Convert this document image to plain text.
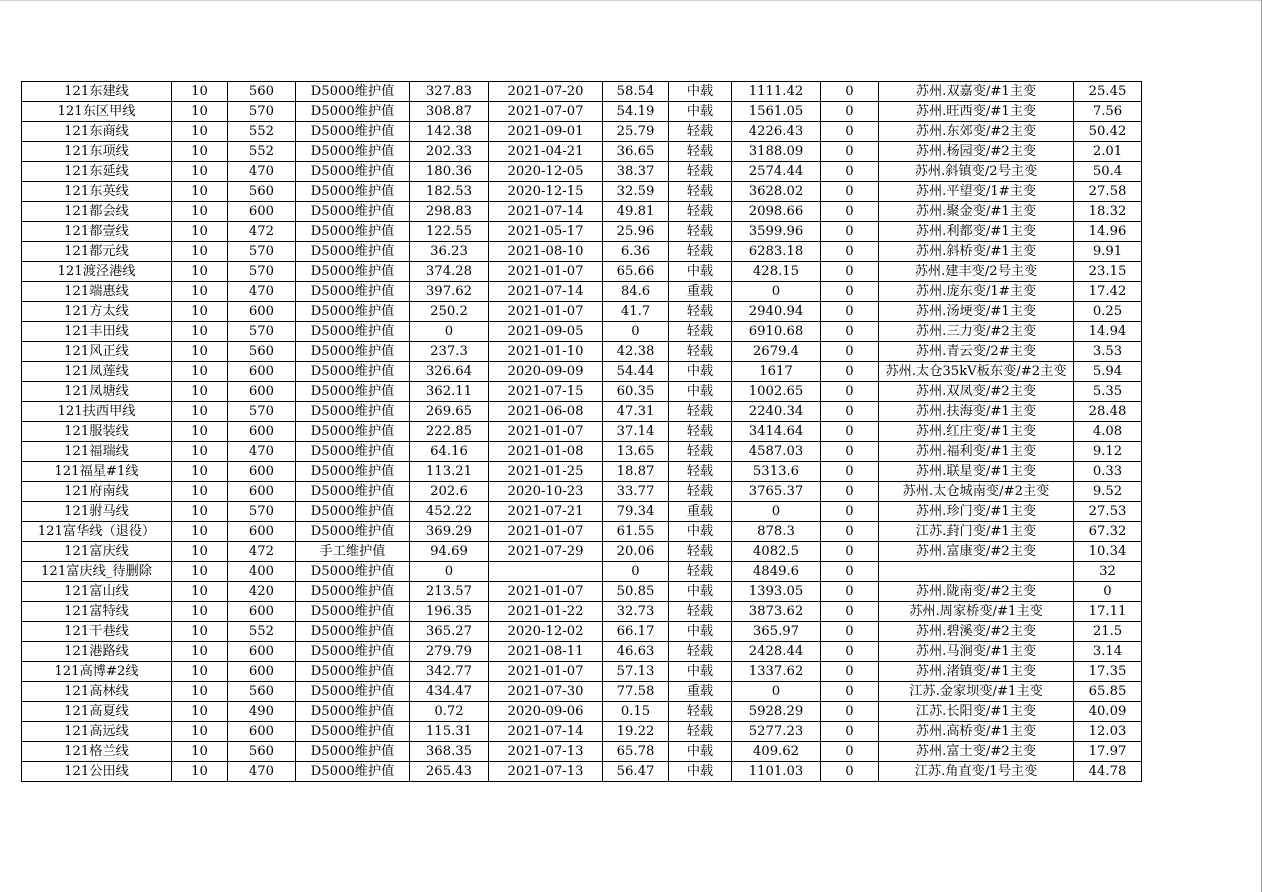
121东建线	10	560	D5000维护值	327.83	2021-07-20	58.54	中载	1111.42	0	苏州.双嘉变/#1主变	25.45
121东区甲线	10	570	D5000维护值	308.87	2021-07-07	54.19	中载	1561.05	0	苏州.旺西变/#1主变	7.56
121东商线	10	552	D5000维护值	142.38	2021-09-01	25.79	轻载	4226.43	0	苏州.东郊变/#2主变	50.42
121东项线	10	552	D5000维护值	202.33	2021-04-21	36.65	轻载	3188.09	0	苏州.杨园变/#2主变	2.01
121东延线	10	470	D5000维护值	180.36	2020-12-05	38.37	轻载	2574.44	0	苏州.斜镇变/2号主变	50.4
121东英线	10	560	D5000维护值	182.53	2020-12-15	32.59	轻载	3628.02	0	苏州.平望变/1#主变	27.58
121都会线	10	600	D5000维护值	298.83	2021-07-14	49.81	轻载	2098.66	0	苏州.聚金变/#1主变	18.32
121都壹线	10	472	D5000维护值	122.55	2021-05-17	25.96	轻载	3599.96	0	苏州.利都变/#1主变	14.96
121都元线	10	570	D5000维护值	36.23	2021-08-10	6.36	轻载	6283.18	0	苏州.斜桥变/#1主变	9.91
121渡泾港线	10	570	D5000维护值	374.28	2021-01-07	65.66	中载	428.15	0	苏州.建丰变/2号主变	23.15
121端惠线	10	470	D5000维护值	397.62	2021-07-14	84.6	重载	0	0	苏州.庞东变/1#主变	17.42
121方太线	10	600	D5000维护值	250.2	2021-01-07	41.7	轻载	2940.94	0	苏州.汤埂变/#1主变	0.25
121丰田线	10	570	D5000维护值	0	2021-09-05	0	轻载	6910.68	0	苏州.三力变/#2主变	14.94
121风正线	10	560	D5000维护值	237.3	2021-01-10	42.38	轻载	2679.4	0	苏州.青云变/2#主变	3.53
121凤莲线	10	600	D5000维护值	326.64	2020-09-09	54.44	中载	1617	0	苏州.太仓35kV板东变/#2主变	5.94
121凤塘线	10	600	D5000维护值	362.11	2021-07-15	60.35	中载	1002.65	0	苏州.双凤变/#2主变	5.35
121扶西甲线	10	570	D5000维护值	269.65	2021-06-08	47.31	轻载	2240.34	0	苏州.扶海变/#1主变	28.48
121服装线	10	600	D5000维护值	222.85	2021-01-07	37.14	轻载	3414.64	0	苏州.红庄变/#1主变	4.08
121福瑞线	10	470	D5000维护值	64.16	2021-01-08	13.65	轻载	4587.03	0	苏州.福利变/#1主变	9.12
121福星#1线	10	600	D5000维护值	113.21	2021-01-25	18.87	轻载	5313.6	0	苏州.联星变/#1主变	0.33
121府南线	10	600	D5000维护值	202.6	2020-10-23	33.77	轻载	3765.37	0	苏州.太仓城南变/#2主变	9.52
121驸马线	10	570	D5000维护值	452.22	2021-07-21	79.34	重载	0	0	苏州.珍门变/#1主变	27.53
121富华线（退役）	10	600	D5000维护值	369.29	2021-01-07	61.55	中载	878.3	0	江苏.葑门变/#1主变	67.32
121富庆线	10	472	手工维护值	94.69	2021-07-29	20.06	轻载	4082.5	0	苏州.富康变/#2主变	10.34
121富庆线_待删除	10	400	D5000维护值	0		0	轻载	4849.6	0		32
121富山线	10	420	D5000维护值	213.57	2021-01-07	50.85	中载	1393.05	0	苏州.陇南变/#2主变	0
121富特线	10	600	D5000维护值	196.35	2021-01-22	32.73	轻载	3873.62	0	苏州.周家桥变/#1主变	17.11
121干巷线	10	552	D5000维护值	365.27	2020-12-02	66.17	中载	365.97	0	苏州.碧溪变/#2主变	21.5
121港路线	10	600	D5000维护值	279.79	2021-08-11	46.63	轻载	2428.44	0	苏州.马涧变/#1主变	3.14
121高博#2线	10	600	D5000维护值	342.77	2021-01-07	57.13	中载	1337.62	0	苏州.渚镇变/#1主变	17.35
121高林线	10	560	D5000维护值	434.47	2021-07-30	77.58	重载	0	0	江苏.金家坝变/#1主变	65.85
121高夏线	10	490	D5000维护值	0.72	2020-09-06	0.15	轻载	5928.29	0	江苏.长阳变/#1主变	40.09
121高远线	10	600	D5000维护值	115.31	2021-07-14	19.22	轻载	5277.23	0	苏州.高桥变/#1主变	12.03
121格兰线	10	560	D5000维护值	368.35	2021-07-13	65.78	中载	409.62	0	苏州.富土变/#2主变	17.97
121公田线	10	470	D5000维护值	265.43	2021-07-13	56.47	中载	1101.03	0	江苏.角直变/1号主变	44.78
